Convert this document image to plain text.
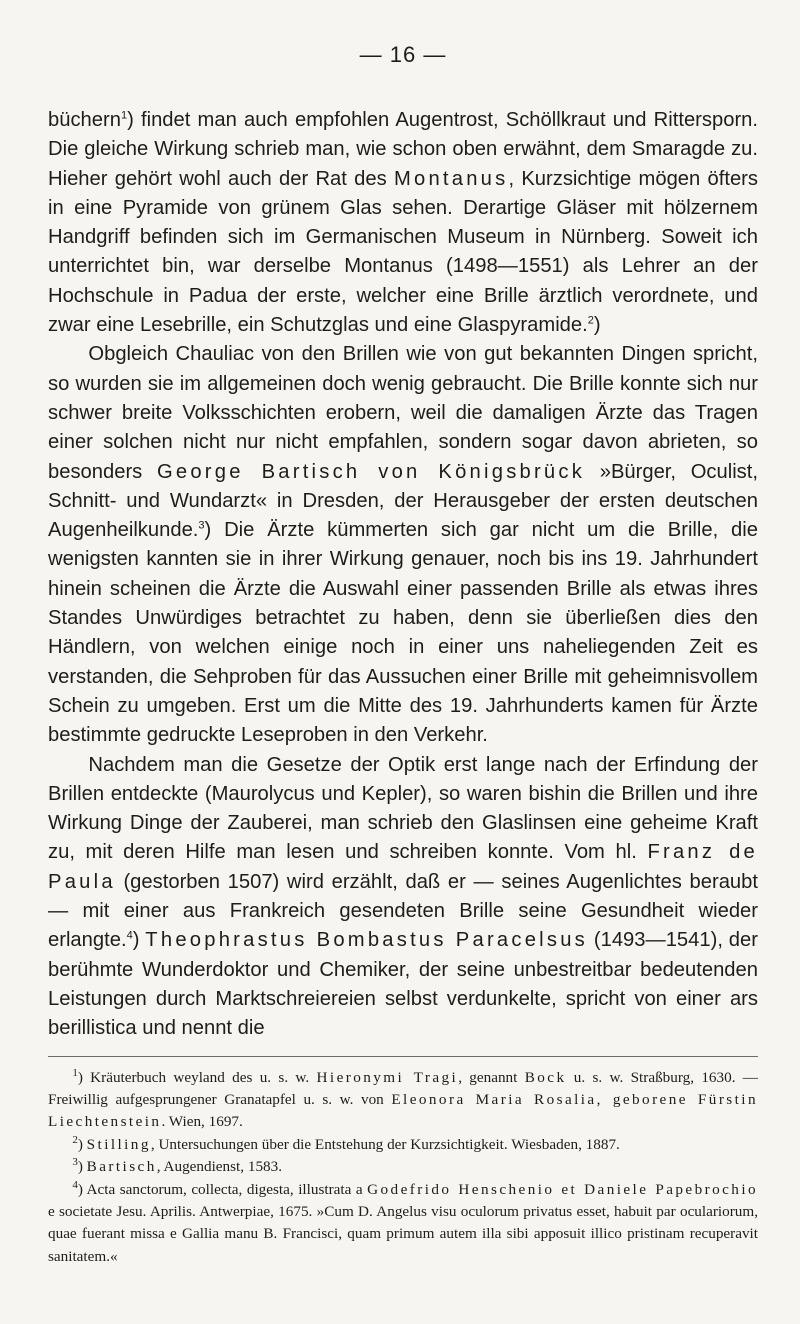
— 16 —

büchern$^1$) findet man auch empfohlen Augentrost, Schöllkraut und Rittersporn. Die gleiche Wirkung schrieb man, wie schon oben erwähnt, dem Smaragde zu. Hieher gehört wohl auch der Rat des Montanus, Kurzsichtige mögen öfters in eine Pyramide von grünem Glas sehen. Derartige Gläser mit hölzernem Handgriff befinden sich im Germanischen Museum in Nürnberg. Soweit ich unterrichtet bin, war derselbe Montanus (1498—1551) als Lehrer an der Hochschule in Padua der erste, welcher eine Brille ärztlich verordnete, und zwar eine Lesebrille, ein Schutzglas und eine Glaspyramide.$^2$)

Obgleich Chauliac von den Brillen wie von gut bekannten Dingen spricht, so wurden sie im allgemeinen doch wenig gebraucht. Die Brille konnte sich nur schwer breite Volksschichten erobern, weil die damaligen Ärzte das Tragen einer solchen nicht nur nicht empfahlen, sondern sogar davon abrieten, so besonders George Bartisch von Königsbrück »Bürger, Oculist, Schnitt- und Wundarzt« in Dresden, der Herausgeber der ersten deutschen Augenheilkunde.$^3$) Die Ärzte kümmerten sich gar nicht um die Brille, die wenigsten kannten sie in ihrer Wirkung genauer, noch bis ins 19. Jahrhundert hinein scheinen die Ärzte die Auswahl einer passenden Brille als etwas ihres Standes Unwürdiges betrachtet zu haben, denn sie überließen dies den Händlern, von welchen einige noch in einer uns naheliegenden Zeit es verstanden, die Sehproben für das Aussuchen einer Brille mit geheimnisvollem Schein zu umgeben. Erst um die Mitte des 19. Jahrhunderts kamen für Ärzte bestimmte gedruckte Leseproben in den Verkehr.

Nachdem man die Gesetze der Optik erst lange nach der Erfindung der Brillen entdeckte (Maurolycus und Kepler), so waren bishin die Brillen und ihre Wirkung Dinge der Zauberei, man schrieb den Glaslinsen eine geheime Kraft zu, mit deren Hilfe man lesen und schreiben konnte. Vom hl. Franz de Paula (gestorben 1507) wird erzählt, daß er — seines Augenlichtes beraubt — mit einer aus Frankreich gesendeten Brille seine Gesundheit wieder erlangte.$^4$) Theophrastus Bombastus Paracelsus (1493—1541), der berühmte Wunderdoktor und Chemiker, der seine unbestreitbar bedeutenden Leistungen durch Marktschreiereien selbst verdunkelte, spricht von einer ars berillistica und nennt die

$^1$) Kräuterbuch weyland des u. s. w. Hieronymi Tragi, genannt Bock u. s. w. Straßburg, 1630. — Freiwillig aufgesprungener Granatapfel u. s. w. von Eleonora Maria Rosalia, geborene Fürstin Liechtenstein. Wien, 1697.

$^2$) Stilling, Untersuchungen über die Entstehung der Kurzsichtigkeit. Wiesbaden, 1887.

$^3$) Bartisch, Augendienst, 1583.

$^4$) Acta sanctorum, collecta, digesta, illustrata a Godefrido Henschenio et Daniele Papebrochio e societate Jesu. Aprilis. Antwerpiae, 1675. »Cum D. Angelus visu oculorum privatus esset, habuit par oculariorum, quae fuerant missa e Gallia manu B. Francisci, quam primum autem illa sibi apposuit illico pristinam recuperavit sanitatem.«
